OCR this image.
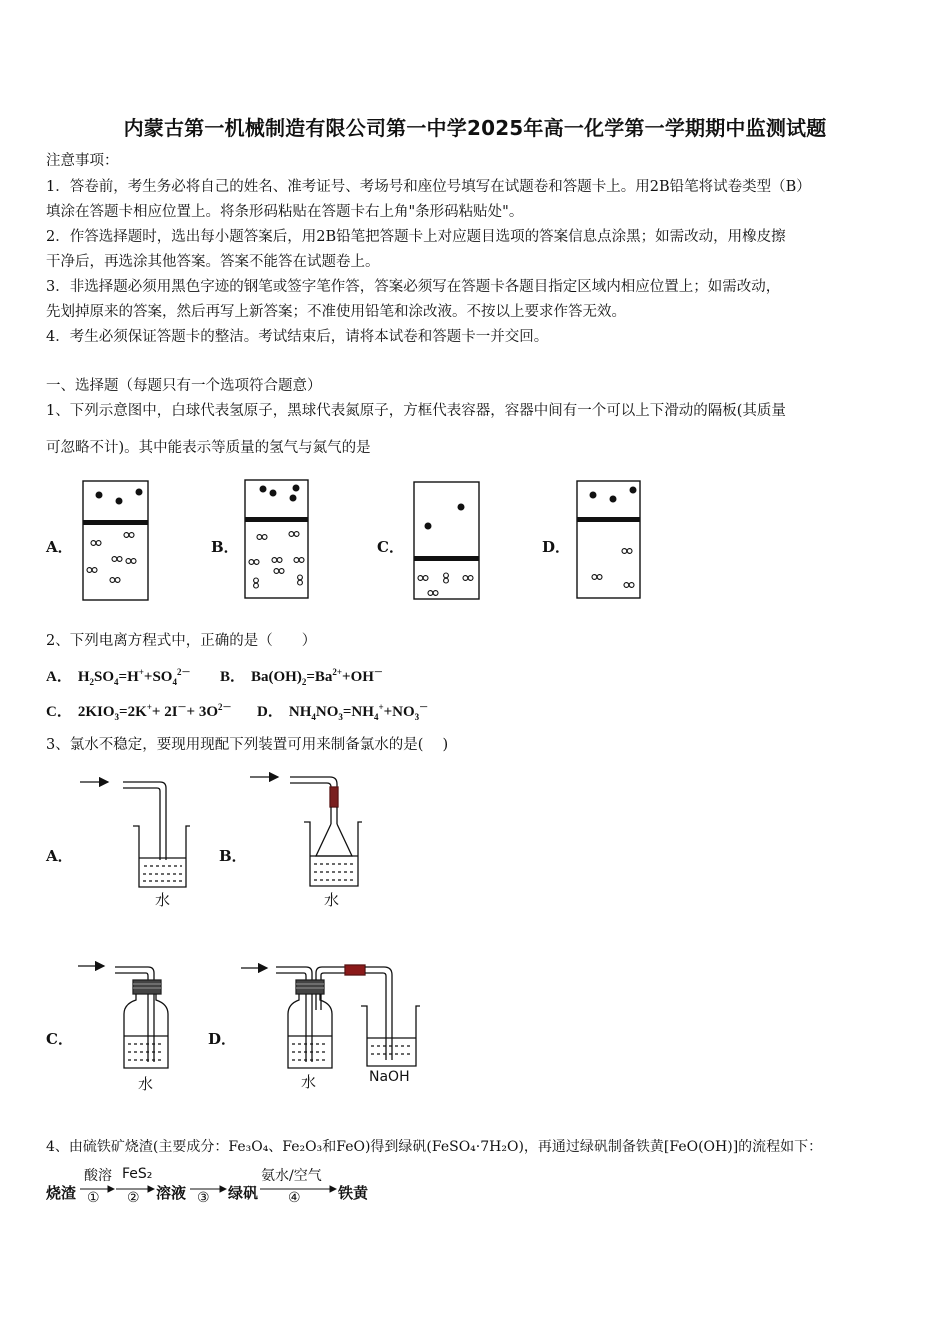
内蒙古第一机械制造有限公司第一中学2025年高一化学第一学期期中监测试题
注意事项：
1．答卷前，考生务必将自己的姓名、准考证号、考场号和座位号填写在试题卷和答题卡上。用2B铅笔将试卷类型（B）
填涂在答题卡相应位置上。将条形码粘贴在答题卡右上角"条形码粘贴处"。
2．作答选择题时，选出每小题答案后，用2B铅笔把答题卡上对应题目选项的答案信息点涂黑；如需改动，用橡皮擦
干净后，再选涂其他答案。答案不能答在试题卷上。
3．非选择题必须用黑色字迹的钢笔或签字笔作答，答案必须写在答题卡各题目指定区域内相应位置上；如需改动，
先划掉原来的答案，然后再写上新答案；不准使用铅笔和涂改液。不按以上要求作答无效。
4．考生必须保证答题卡的整洁。考试结束后，请将本试卷和答题卡一并交回。
一、选择题（每题只有一个选项符合题意）
1、下列示意图中，白球代表氢原子，黑球代表氮原子，方框代表容器，容器中间有一个可以上下滑动的隔板(其质量
可忽略不计)。其中能表示等质量的氢气与氮气的是
A．	B．	C．	D．
2、下列电离方程式中，正确的是（　　）
A． $H_2SO_4=H^++SO_4^{2-}$ B． $Ba(OH)_2=Ba^{2+}+OH^-$
C． $2KIO_3=2K^++ 2I^-+ 3O^{2-}$ D． $NH_4NO_3=NH_4^++NO_3^-$
3、氯水不稳定，要现用现配下列装置可用来制备氯水的是(　 )
A．	B．
C．	D．
水	水
水	水	NaOH
4、由硫铁矿烧渣(主要成分：Fe₃O₄、Fe₂O₃和FeO)得到绿矾(FeSO₄·7H₂O)，再通过绿矾制备铁黄[FeO(OH)]的流程如下：
烧渣
酸溶
①
FeS₂
② 溶液 ③ 绿矾
氨水/空气
④ 铁黄
